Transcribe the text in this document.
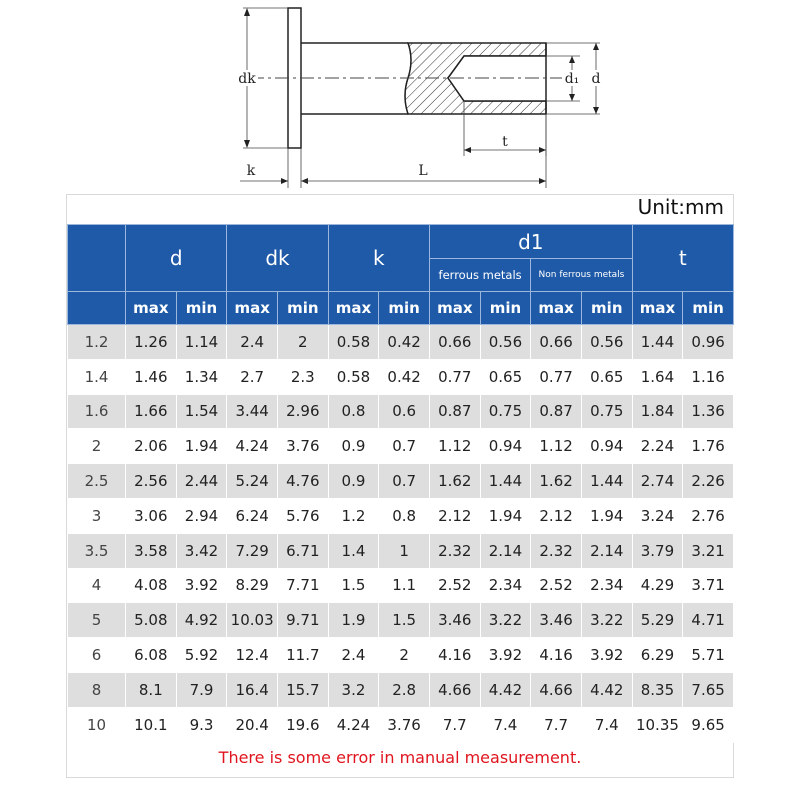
dk	d₁ d
t
k	L
Unit:mm
	d		dk		k		d1				t	
							ferrous metals		Non ferrous metals			
	max	min	max	min	max	min	max	min	max	min	max	min
1.2	1.26	1.14	2.4	2	0.58	0.42	0.66	0.56	0.66	0.56	1.44	0.96
1.4	1.46	1.34	2.7	2.3	0.58	0.42	0.77	0.65	0.77	0.65	1.64	1.16
1.6	1.66	1.54	3.44	2.96	0.8	0.6	0.87	0.75	0.87	0.75	1.84	1.36
2	2.06	1.94	4.24	3.76	0.9	0.7	1.12	0.94	1.12	0.94	2.24	1.76
2.5	2.56	2.44	5.24	4.76	0.9	0.7	1.62	1.44	1.62	1.44	2.74	2.26
3	3.06	2.94	6.24	5.76	1.2	0.8	2.12	1.94	2.12	1.94	3.24	2.76
3.5	3.58	3.42	7.29	6.71	1.4	1	2.32	2.14	2.32	2.14	3.79	3.21
4	4.08	3.92	8.29	7.71	1.5	1.1	2.52	2.34	2.52	2.34	4.29	3.71
5	5.08	4.92	10.03	9.71	1.9	1.5	3.46	3.22	3.46	3.22	5.29	4.71
6	6.08	5.92	12.4	11.7	2.4	2	4.16	3.92	4.16	3.92	6.29	5.71
8	8.1	7.9	16.4	15.7	3.2	2.8	4.66	4.42	4.66	4.42	8.35	7.65
10	10.1	9.3	20.4	19.6	4.24	3.76	7.7	7.4	7.7	7.4	10.35	9.65
There is some error in manual measurement.
